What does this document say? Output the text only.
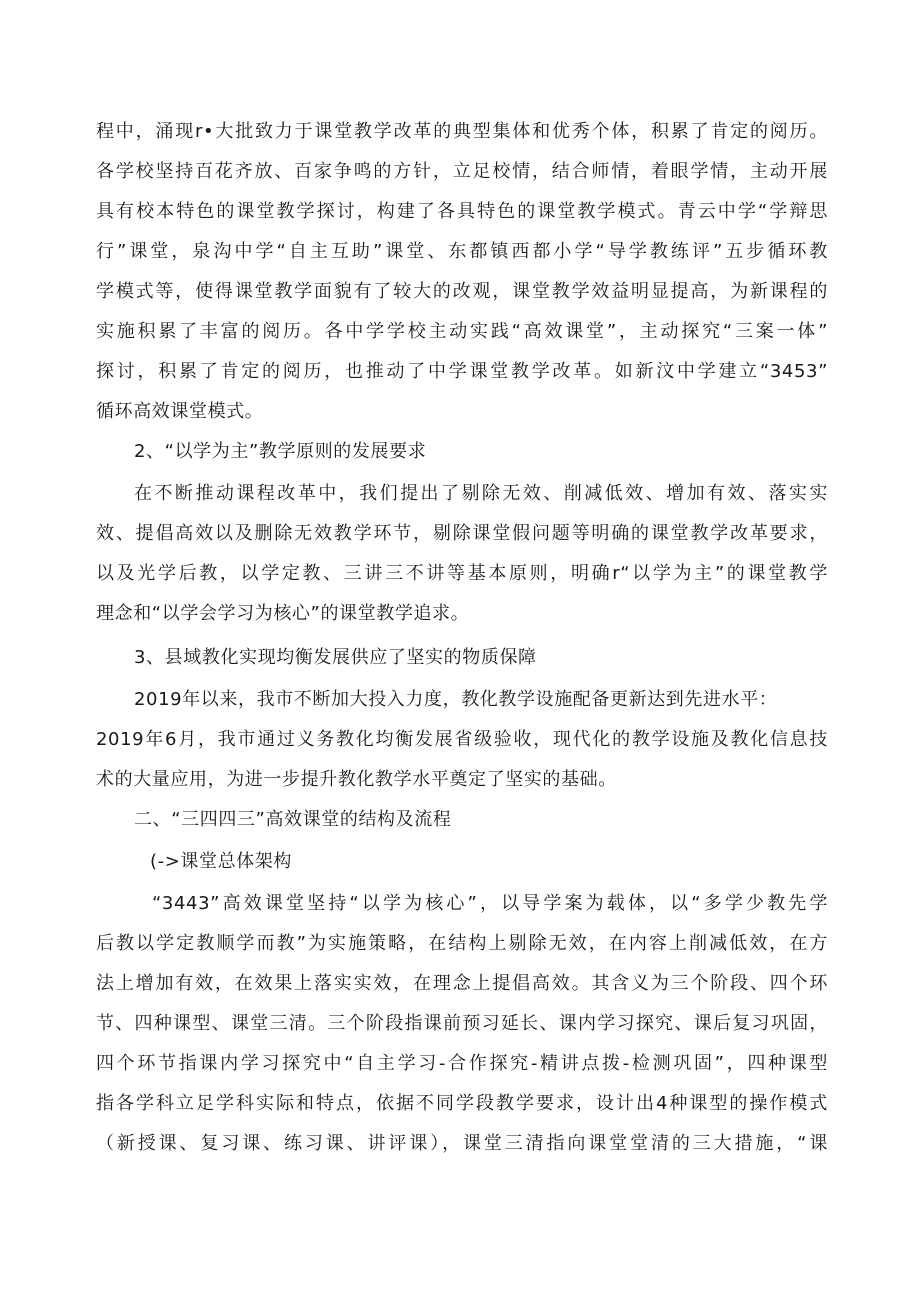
程中，涌现r•大批致力于课堂教学改革的典型集体和优秀个体，积累了肯定的阅历。
各学校坚持百花齐放、百家争鸣的方针，立足校情，结合师情，着眼学情，主动开展
具有校本特色的课堂教学探讨，构建了各具特色的课堂教学模式。青云中学“学辩思
行”课堂，泉沟中学“自主互助”课堂、东都镇西都小学“导学教练评”五步循环教
学模式等，使得课堂教学面貌有了较大的改观，课堂教学效益明显提高，为新课程的
实施积累了丰富的阅历。各中学学校主动实践“高效课堂”，主动探究“三案一体”
探讨，积累了肯定的阅历，也推动了中学课堂教学改革。如新汶中学建立“3453”
循环高效课堂模式。
2、“以学为主”教学原则的发展要求
在不断推动课程改革中，我们提出了剔除无效、削减低效、增加有效、落实实
效、提倡高效以及删除无效教学环节，剔除课堂假问题等明确的课堂教学改革要求，
以及光学后教，以学定教、三讲三不讲等基本原则，明确r“以学为主”的课堂教学
理念和“以学会学习为核心”的课堂教学追求。
3、县域教化实现均衡发展供应了坚实的物质保障
2019年以来，我市不断加大投入力度，教化教学设施配备更新达到先进水平：
2019年6月，我市通过义务教化均衡发展省级验收，现代化的教学设施及教化信息技
术的大量应用，为进一步提升教化教学水平奠定了坚实的基础。
二、“三四四三”高效课堂的结构及流程
(->课堂总体架构
“3443”高效课堂坚持“以学为核心”，以导学案为载体，以“多学少教先学
后教以学定教顺学而教”为实施策略，在结构上剔除无效，在内容上削减低效，在方
法上增加有效，在效果上落实实效，在理念上提倡高效。其含义为三个阶段、四个环
节、四种课型、课堂三清。三个阶段指课前预习延长、课内学习探究、课后复习巩固，
四个环节指课内学习探究中“自主学习-合作探究-精讲点拨-检测巩固”，四种课型
指各学科立足学科实际和特点，依据不同学段教学要求，设计出4种课型的操作模式
（新授课、复习课、练习课、讲评课），课堂三清指向课堂堂清的三大措施，“课
